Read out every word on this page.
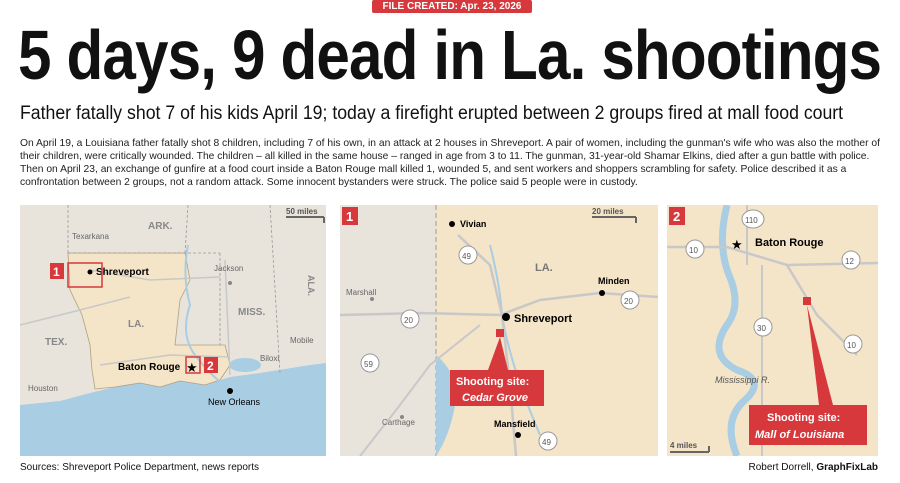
FILE CREATED: Apr. 23, 2026
5 days, 9 dead in La. shootings
Father fatally shot 7 of his kids April 19; today a firefight erupted between 2 groups fired at mall food court

On April 19, a Louisiana father fatally shot 8 children, including 7 of his own, in an attack at 2 houses in Shreveport. A pair of women, including the gunman's wife who was also the mother of their children, were critically wounded. The children – all killed in the same house – ranged in age from 3 to 11. The gunman, 31-year-old Shamar Elkins, died after a gun battle with police. Then on April 23, an exchange of gunfire at a food court inside a Baton Rouge mall killed 1, wounded 5, and sent workers and shoppers scrambling for safety. Police described it as a confrontation between 2 groups, not a random attack. Some innocent bystanders were struck. The police said 5 people were in custody.

50 miles
ARK.
MISS.
ALA.
TEX.
LA.
Texarkana
Jackson
Shreveport
Biloxi
Mobile
Houston
Baton Rouge
New Orleans
★
1
2
20 miles
1
LA.
Vivian
Marshall
Shreveport
Minden
Carthage	Mansfield
49
20
20
59
49
Shooting site:
Cedar Grove
2
★ Baton Rouge
10
12
110
30
10
Mississippi R.
4 miles
Shooting site:
Mall of Louisiana
Sources: Shreveport Police Department, news reports	Robert Dorrell, GraphFixLab
